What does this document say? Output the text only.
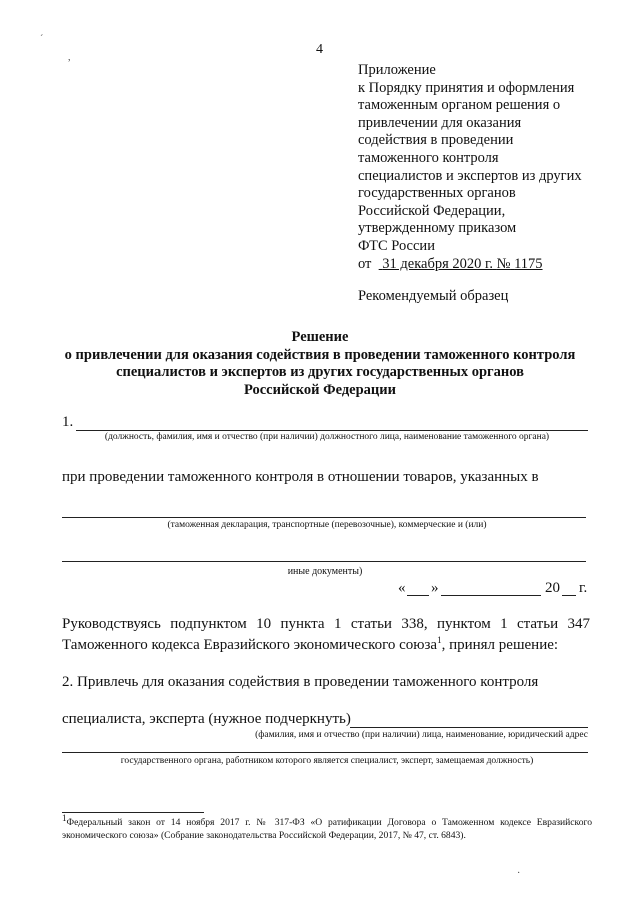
´
,
4
Приложение
к Порядку принятия и оформления
таможенным органом решения о
привлечении для оказания
содействия в проведении
таможенного контроля
специалистов и экспертов из других
государственных органов
Российской Федерации,
утвержденному приказом
ФТС России
от 31 декабря 2020 г. № 1175
Рекомендуемый образец
Решение
о привлечении для оказания содействия в проведении таможенного контроля
специалистов и экспертов из других государственных органов
Российской Федерации
1.
(должность, фамилия, имя и отчество (при наличии) должностного лица, наименование таможенного органа)
при проведении таможенного контроля в отношении товаров, указанных в
(таможенная декларация, транспортные (перевозочные), коммерческие и (или)
иные документы)
« »	20 г.
Руководствуясь подпунктом 10 пункта 1 статьи 338, пунктом 1 статьи 347
Таможенного кодекса Евразийского экономического союза$^1$, принял решение:
2. Привлечь для оказания содействия в проведении таможенного контроля
специалиста, эксперта (нужное подчеркнуть)
(фамилия, имя и отчество (при наличии) лица, наименование, юридический адрес
государственного органа, работником которого является специалист, эксперт, замещаемая должность)
$^1$Федеральный закон от 14 ноября 2017 г. № 317-ФЗ «О ратификации Договора о Таможенном кодексе Евразийского экономического союза» (Собрание законодательства Российской Федерации, 2017, № 47, ст. 6843).
·
